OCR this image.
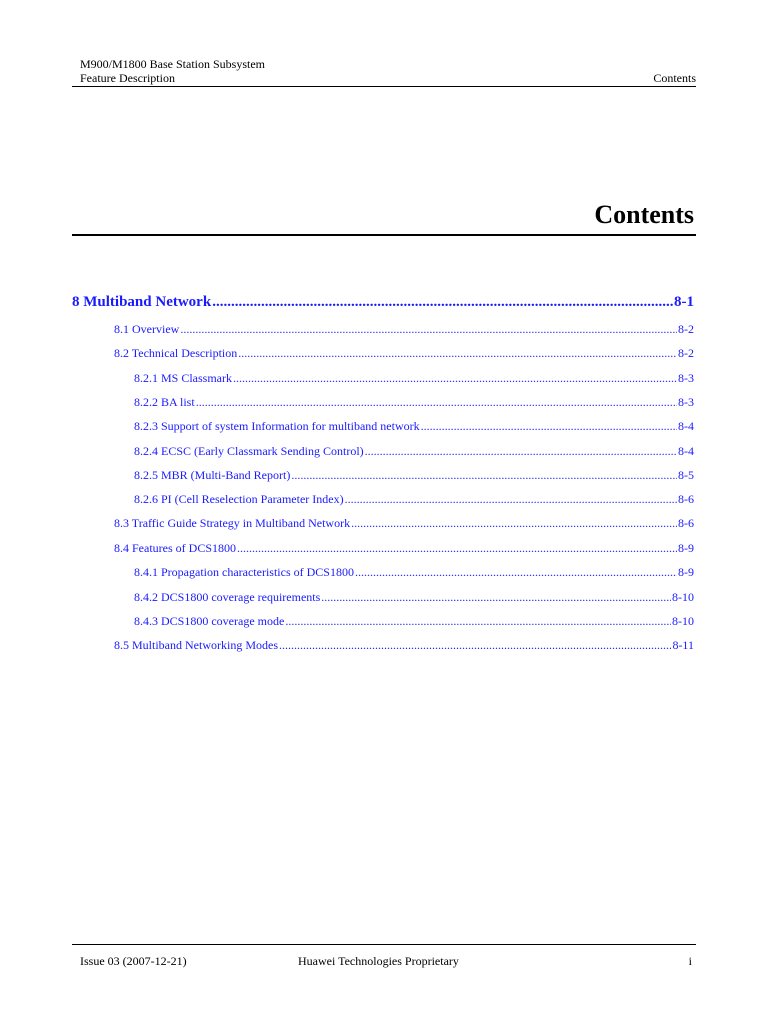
M900/M1800 Base Station Subsystem
Feature Description	Contents
Contents
8 Multiband Network .....	8-1
8.1 Overview .....	8-2
8.2 Technical Description .....	8-2
8.2.1 MS Classmark .....	8-3
8.2.2 BA list .....	8-3
8.2.3 Support of system Information for multiband network .....	8-4
8.2.4 ECSC (Early Classmark Sending Control) .....	8-4
8.2.5 MBR (Multi-Band Report) .....	8-5
8.2.6 PI (Cell Reselection Parameter Index) .....	8-6
8.3 Traffic Guide Strategy in Multiband Network .....	8-6
8.4 Features of DCS1800 .....	8-9
8.4.1 Propagation characteristics of DCS1800 .....	8-9
8.4.2 DCS1800 coverage requirements .....	8-10
8.4.3 DCS1800 coverage mode .....	8-10
8.5 Multiband Networking Modes .....	8-11
Issue 03 (2007-12-21)	Huawei Technologies Proprietary	i
